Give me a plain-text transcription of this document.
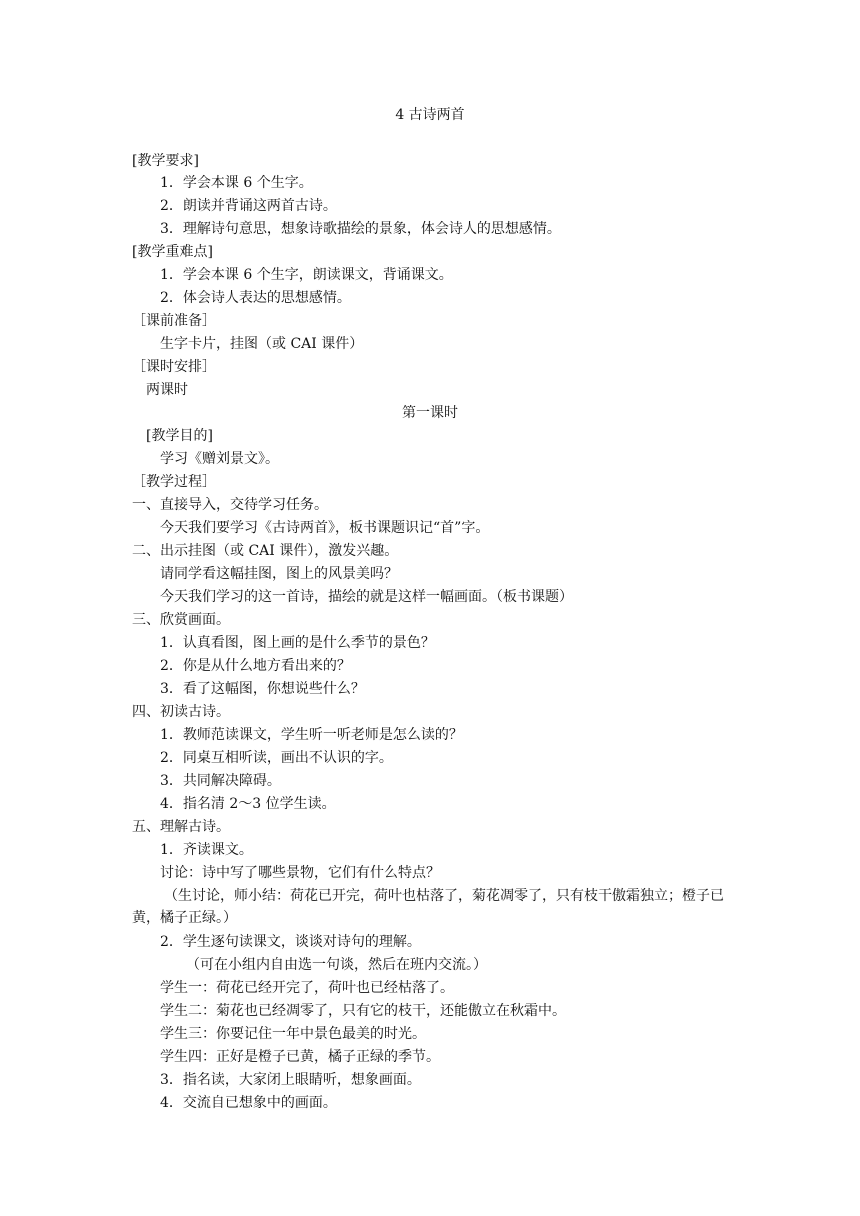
4 古诗两首
[教学要求]
1．学会本课 6 个生字。
2．朗读并背诵这两首古诗。
3．理解诗句意思，想象诗歌描绘的景象，体会诗人的思想感情。
[教学重难点]
1．学会本课 6 个生字，朗读课文，背诵课文。
2．体会诗人表达的思想感情。
［课前准备］
生字卡片，挂图（或 CAI 课件）
［课时安排］
两课时
第一课时
[教学目的]
学习《赠刘景文》。
［教学过程］
一、直接导入，交待学习任务。
今天我们要学习《古诗两首》，板书课题识记“首”字。
二、出示挂图（或 CAI 课件），激发兴趣。
请同学看这幅挂图，图上的风景美吗？
今天我们学习的这一首诗，描绘的就是这样一幅画面。（板书课题）
三、欣赏画面。
1．认真看图，图上画的是什么季节的景色？
2．你是从什么地方看出来的？
3．看了这幅图，你想说些什么？
四、初读古诗。
1．教师范读课文，学生听一听老师是怎么读的？
2．同桌互相听读，画出不认识的字。
3．共同解决障碍。
4．指名清 2～3 位学生读。
五、理解古诗。
1．齐读课文。
讨论：诗中写了哪些景物，它们有什么特点？
（生讨论，师小结：荷花已开完，荷叶也枯落了，菊花凋零了，只有枝干傲霜独立；橙子已黄，橘子正绿。）
2．学生逐句读课文，谈谈对诗句的理解。
（可在小组内自由选一句谈，然后在班内交流。）
学生一：荷花已经开完了，荷叶也已经枯落了。
学生二：菊花也已经凋零了，只有它的枝干，还能傲立在秋霜中。
学生三：你要记住一年中景色最美的时光。
学生四：正好是橙子已黄，橘子正绿的季节。
3．指名读，大家闭上眼睛听，想象画面。
4．交流自已想象中的画面。
